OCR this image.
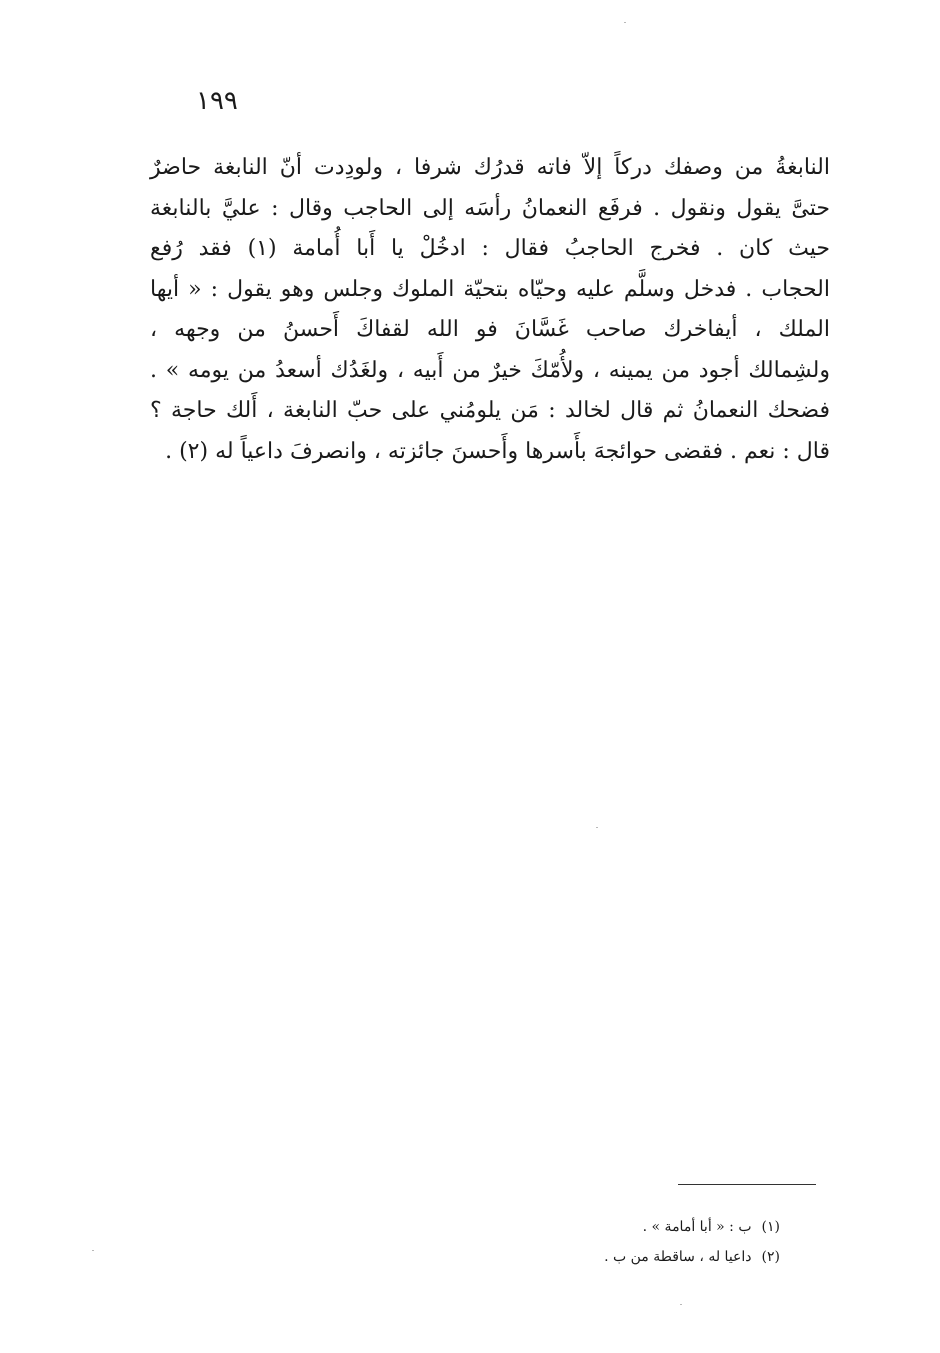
١٩٩
النابغةُ من وصفك دركاً إلاّ فاته قدرُك شرفا ، ولودِدت أنّ النابغة حاضرٌ
حتىَّ يقول ونقول . فرفَع النعمانُ رأسَه إلى الحاجب وقال : عليَّ بالنابغة
حيث كان . فخرج الحاجبُ فقال : ادخُلْ يا أَبا أُمامة (١) فقد رُفع
الحجاب . فدخل وسلَّم عليه وحيّاه بتحيّة الملوك وجلس وهو يقول : « أيها
الملك ، أيفاخرك صاحب غَسَّانَ فو الله لقفاكَ أَحسنُ من وجهه ،
ولشِمالك أجود من يمينه ، ولأُمّكَ خيرٌ من أَبيه ، ولغَدُك أسعدُ من يومه » .
فضحك النعمانُ ثم قال لخالد : مَن يلومُني على حبّ النابغة ، أَلك حاجة ؟
قال : نعم . فقضى حوائجهَ بأَسرها وأَحسنَ جائزته ، وانصرفَ داعياً له (٢) .
(١)ب : « أبا أمامة » .
(٢)داعيا له ، ساقطة من ب .
